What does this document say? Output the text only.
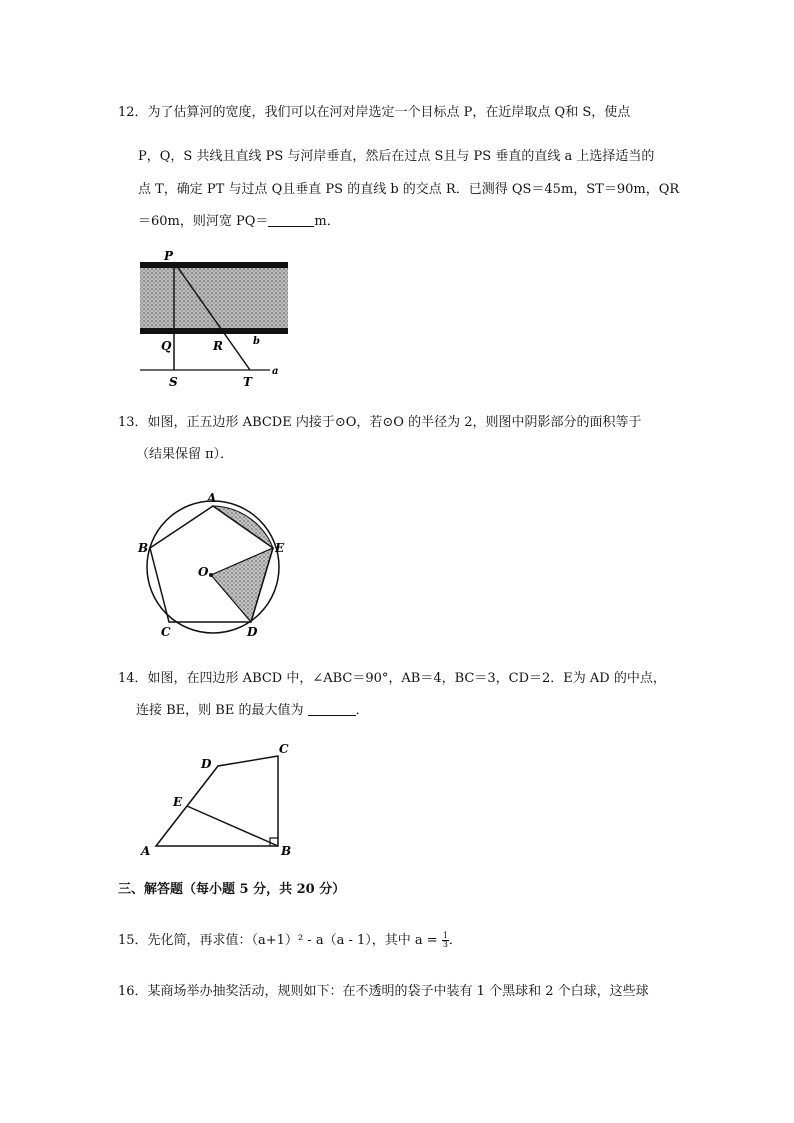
12．为了估算河的宽度，我们可以在河对岸选定一个目标点 P，在近岸取点 Q和 S，使点
P，Q，S 共线且直线 PS 与河岸垂直，然后在过点 S且与 PS 垂直的直线 a 上选择适当的
点 T，确定 PT 与过点 Q且垂直 PS 的直线 b 的交点 R．已测得 QS＝45m，ST＝90m，QR
＝60m，则河宽 PQ＝	m．
P
Q	R	b
S	T
a
13．如图，正五边形 ABCDE 内接于⊙O，若⊙O 的半径为 2，则图中阴影部分的面积等于
（结果保留 π）．
A
B
C	D
E
O
14．如图，在四边形 ABCD 中，∠ABC＝90°，AB＝4，BC＝3，CD＝2．E为 AD 的中点，
连接 BE，则 BE 的最大值为	．
A	B
C
D
E
三、解答题（每小题 5 分，共 20 分）
15．先化简，再求值：（a+1）² - a（a - 1），其中 $a = \frac{1}{3}$ ．
16．某商场举办抽奖活动，规则如下：在不透明的袋子中装有 1 个黑球和 2 个白球，这些球
